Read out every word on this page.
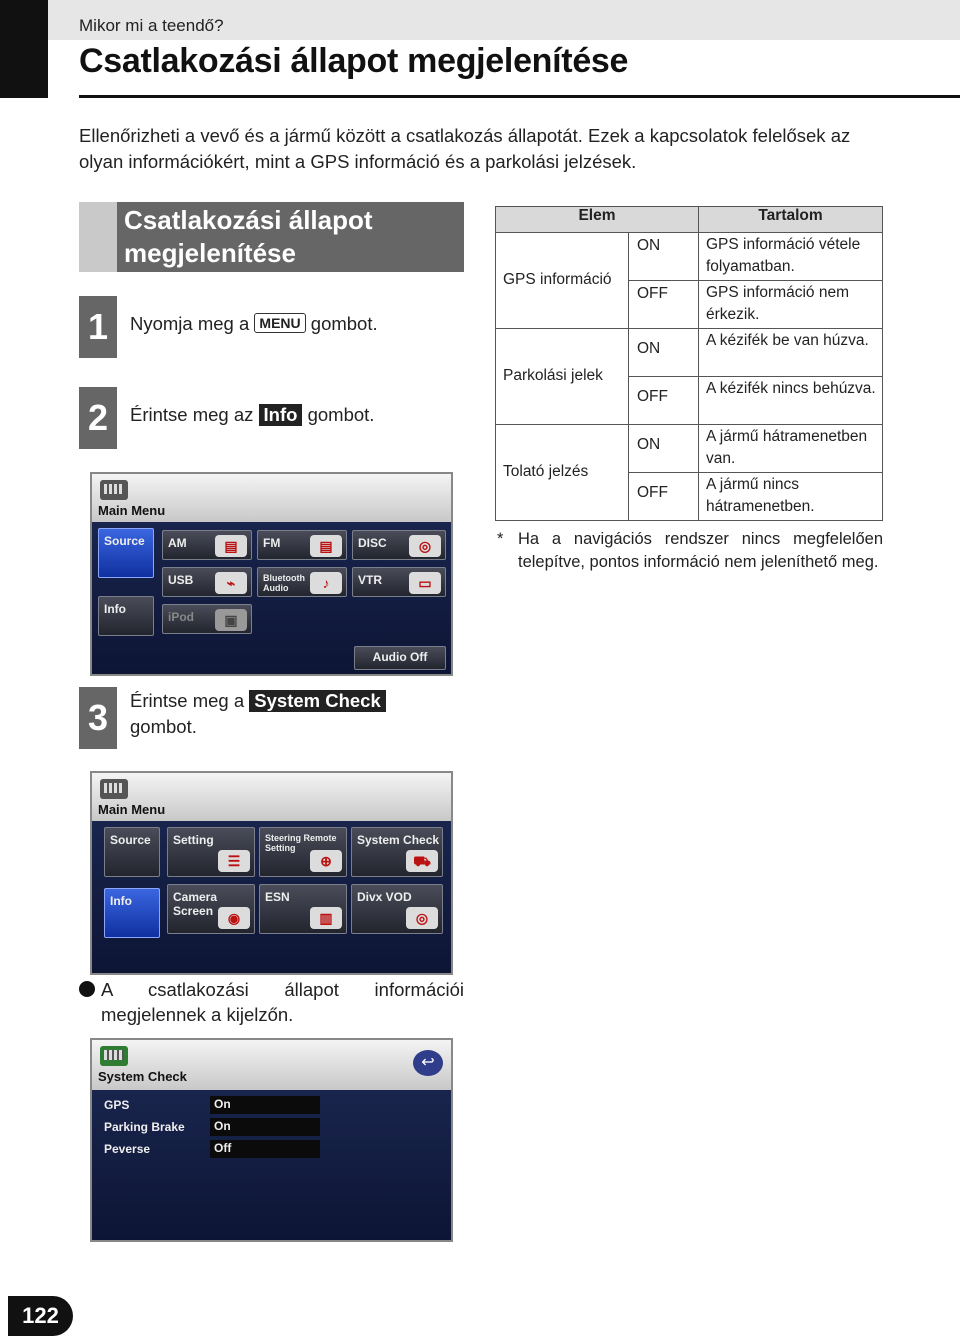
Mikor mi a teendő?
Csatlakozási állapot megjelenítése

Ellenőrizheti a vevő és a jármű között a csatlakozás állapotát. Ezek a kapcsolatok felelősek az olyan információkért, mint a GPS információ és a parkolási jelzések.

Csatlakozási állapot megjelenítése
1	Nyomja meg a MENU gombot.
2	Érintse meg az Info gombot.
Main Menu
Source
Info
AM	▤	FM	▤	DISC	◎
USB	⌁	Bluetooth Audio	♪	VTR	▭
iPod	▣
Audio Off
3	Érintse meg a System Check
gombot.
Main Menu
Source
Info
Setting
☰
Steering Remote Setting
⊕
System Check
⛟
Camera Screen	◉
ESN
▥
Divx VOD
◎
A csatlakozási állapot információi megjelennek a kijelzőn.
System Check
↩
GPS	On
Parking Brake	On
Peverse	Off
Elem		Tartalom
GPS információ	ON	GPS információ vétele folyamatban.
	OFF	GPS információ nem érkezik.
Parkolási jelek	ON	A kézifék be van húzva.
	OFF	A kézifék nincs behúzva.
Tolató jelzés	ON	A jármű hátramenetben van.
	OFF	A jármű nincs hátramenetben.
* Ha a navigációs rendszer nincs megfelelően telepítve, pontos információ nem jeleníthető meg.
122
